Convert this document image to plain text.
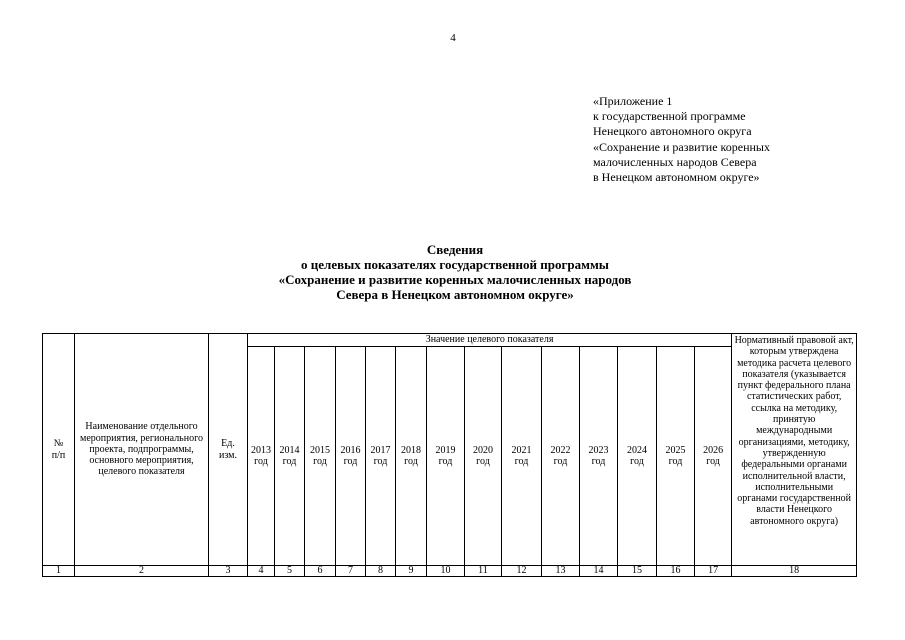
4
«Приложение 1
к государственной программе
Ненецкого автономного округа
«Сохранение и развитие коренных
малочисленных народов Севера
в Ненецком автономном округе»
Сведения
о целевых показателях государственной программы
«Сохранение и развитие коренных малочисленных народов
Севера в Ненецком автономном округе»
№
п/п	Наименование отдельного мероприятия, регионального проекта, подпрограммы, основного мероприятия, целевого показателя	Ед.
изм.	Значение целевого показателя														Нормативный правовой акт, которым утверждена методика расчета целевого показателя (указывается пункт федерального плана статистических работ, ссылка на методику, принятую международными организациями, методику, утвержденную федеральными органами исполнительной власти, исполнительными органами государственной власти Ненецкого автономного округа)

			2013
год	2014
год	2015
год	2016
год	2017
год	2018
год	2019
год	2020
год	2021
год	2022
год	2023
год	2024
год	2025
год	2026
год	

1	2	3	4	5	6	7	8	9	10	11	12	13	14	15	16	17	18
